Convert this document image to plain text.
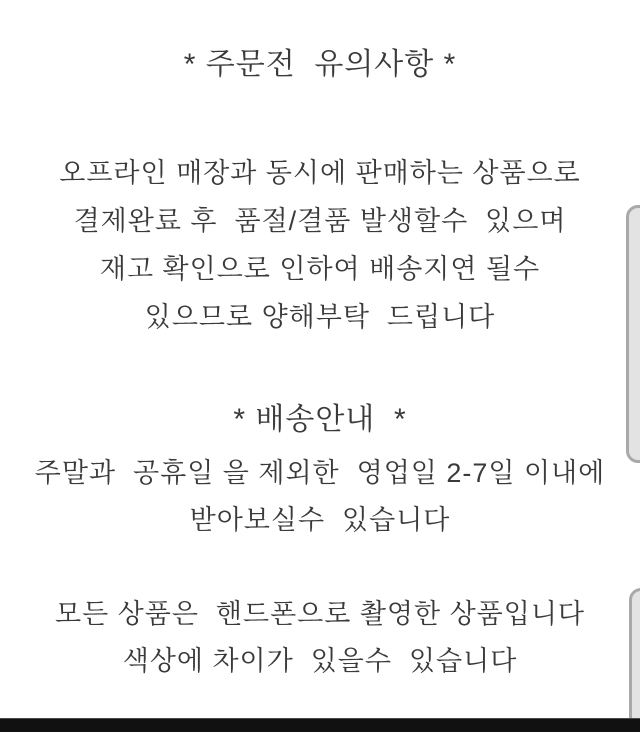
* 주문전  유의사항 *
오프라인 매장과 동시에 판매하는 상품으로
결제완료 후  품절/결품 발생할수  있으며
재고 확인으로 인하여 배송지연 될수
있으므로 양해부탁  드립니다
* 배송안내  *
주말과  공휴일 을 제외한  영업일 2-7일 이내에
받아보실수  있습니다
모든 상품은  핸드폰으로 촬영한 상품입니다
색상에 차이가  있을수  있습니다
